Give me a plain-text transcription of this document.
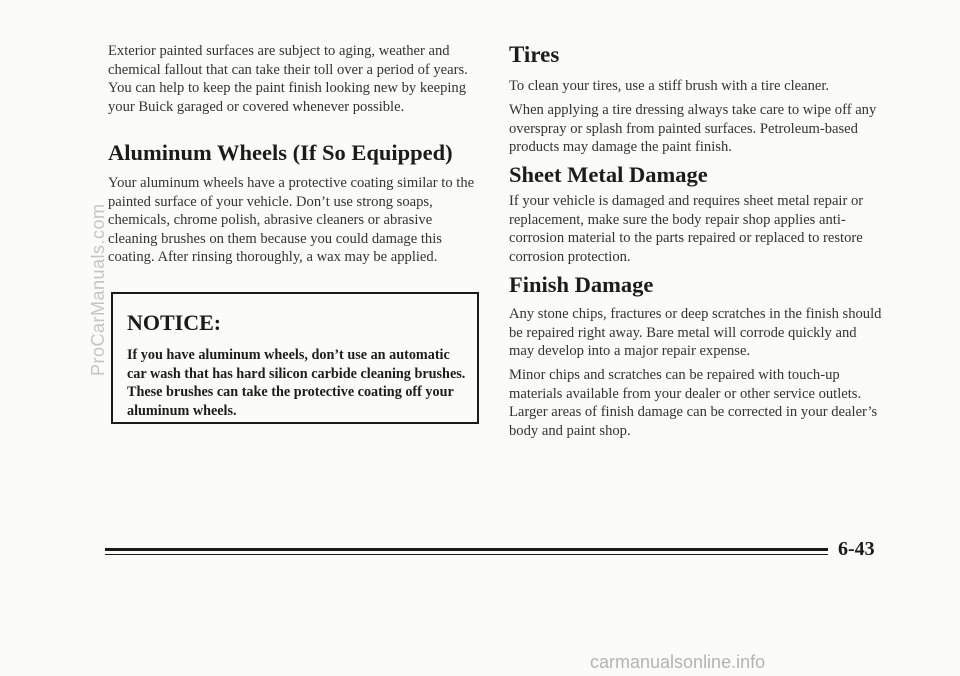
Exterior painted surfaces are subject to aging, weather and chemical fallout that can take their toll over a period of years. You can help to keep the paint finish looking new by keeping your Buick garaged or covered whenever possible.

Aluminum Wheels (If So Equipped)

Your aluminum wheels have a protective coating similar to the painted surface of your vehicle. Don’t use strong soaps, chemicals, chrome polish, abrasive cleaners or abrasive cleaning brushes on them because you could damage this coating. After rinsing thoroughly, a wax may be applied.

NOTICE:

If you have aluminum wheels, don’t use an automatic car wash that has hard silicon carbide cleaning brushes. These brushes can take the protective coating off your aluminum wheels.

Tires

To clean your tires, use a stiff brush with a tire cleaner.

When applying a tire dressing always take care to wipe off any overspray or splash from painted surfaces. Petroleum-based products may damage the paint finish.

Sheet Metal Damage

If your vehicle is damaged and requires sheet metal repair or replacement, make sure the body repair shop applies anti-corrosion material to the parts repaired or replaced to restore corrosion protection.

Finish Damage

Any stone chips, fractures or deep scratches in the finish should be repaired right away. Bare metal will corrode quickly and may develop into a major repair expense.

Minor chips and scratches can be repaired with touch-up materials available from your dealer or other service outlets. Larger areas of finish damage can be corrected in your dealer’s body and paint shop.

6-43
ProCarManuals.com
carmanualsonline.info
